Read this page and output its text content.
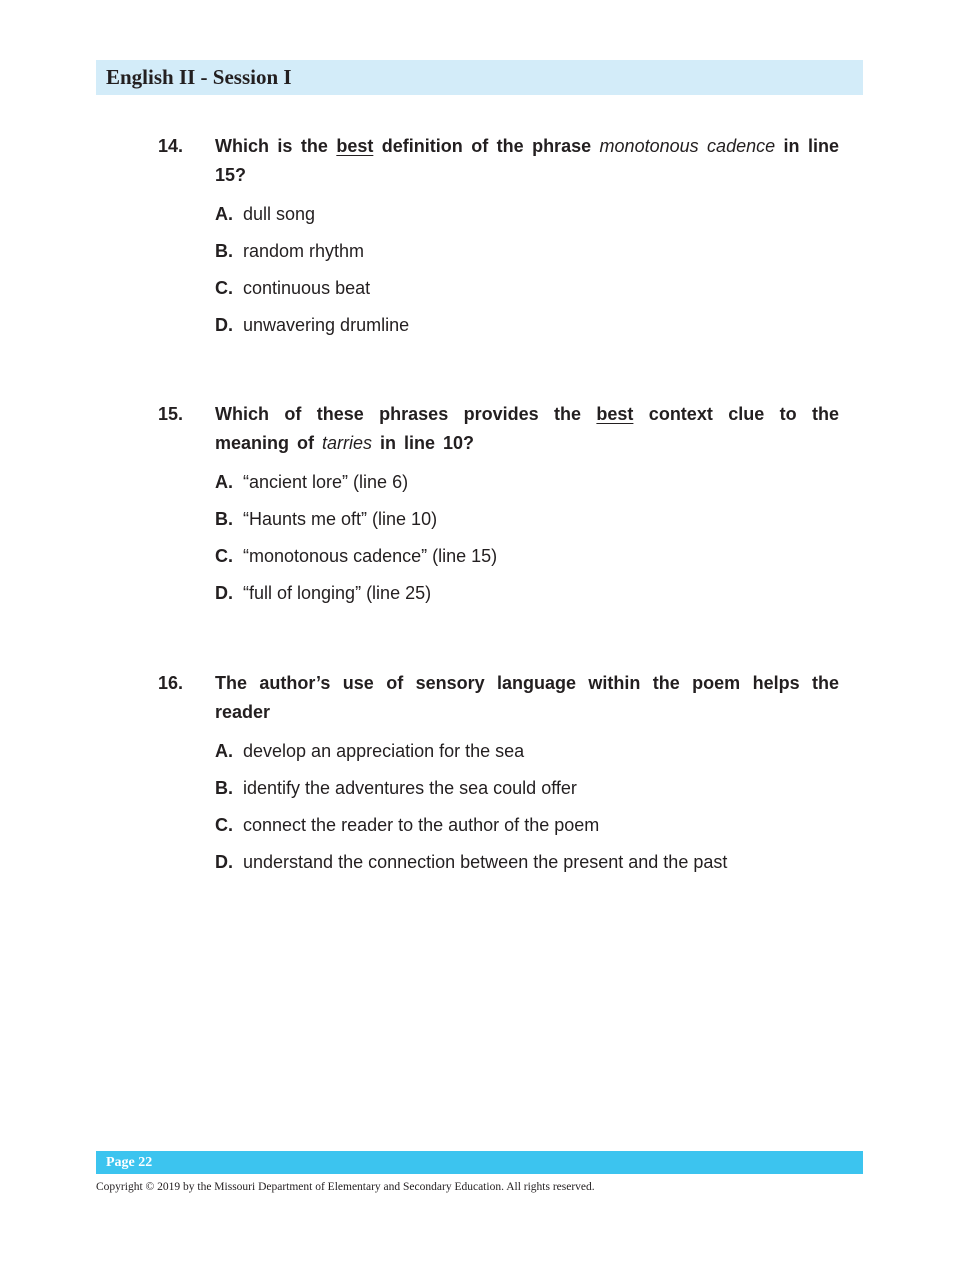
English II - Session I
14. Which is the best definition of the phrase monotonous cadence in line 15?
A. dull song
B. random rhythm
C. continuous beat
D. unwavering drumline
15. Which of these phrases provides the best context clue to the meaning of tarries in line 10?
A. “ancient lore” (line 6)
B. “Haunts me oft” (line 10)
C. “monotonous cadence” (line 15)
D. “full of longing” (line 25)
16. The author’s use of sensory language within the poem helps the reader
A. develop an appreciation for the sea
B. identify the adventures the sea could offer
C. connect the reader to the author of the poem
D. understand the connection between the present and the past
Page 22
Copyright © 2019 by the Missouri Department of Elementary and Secondary Education. All rights reserved.
